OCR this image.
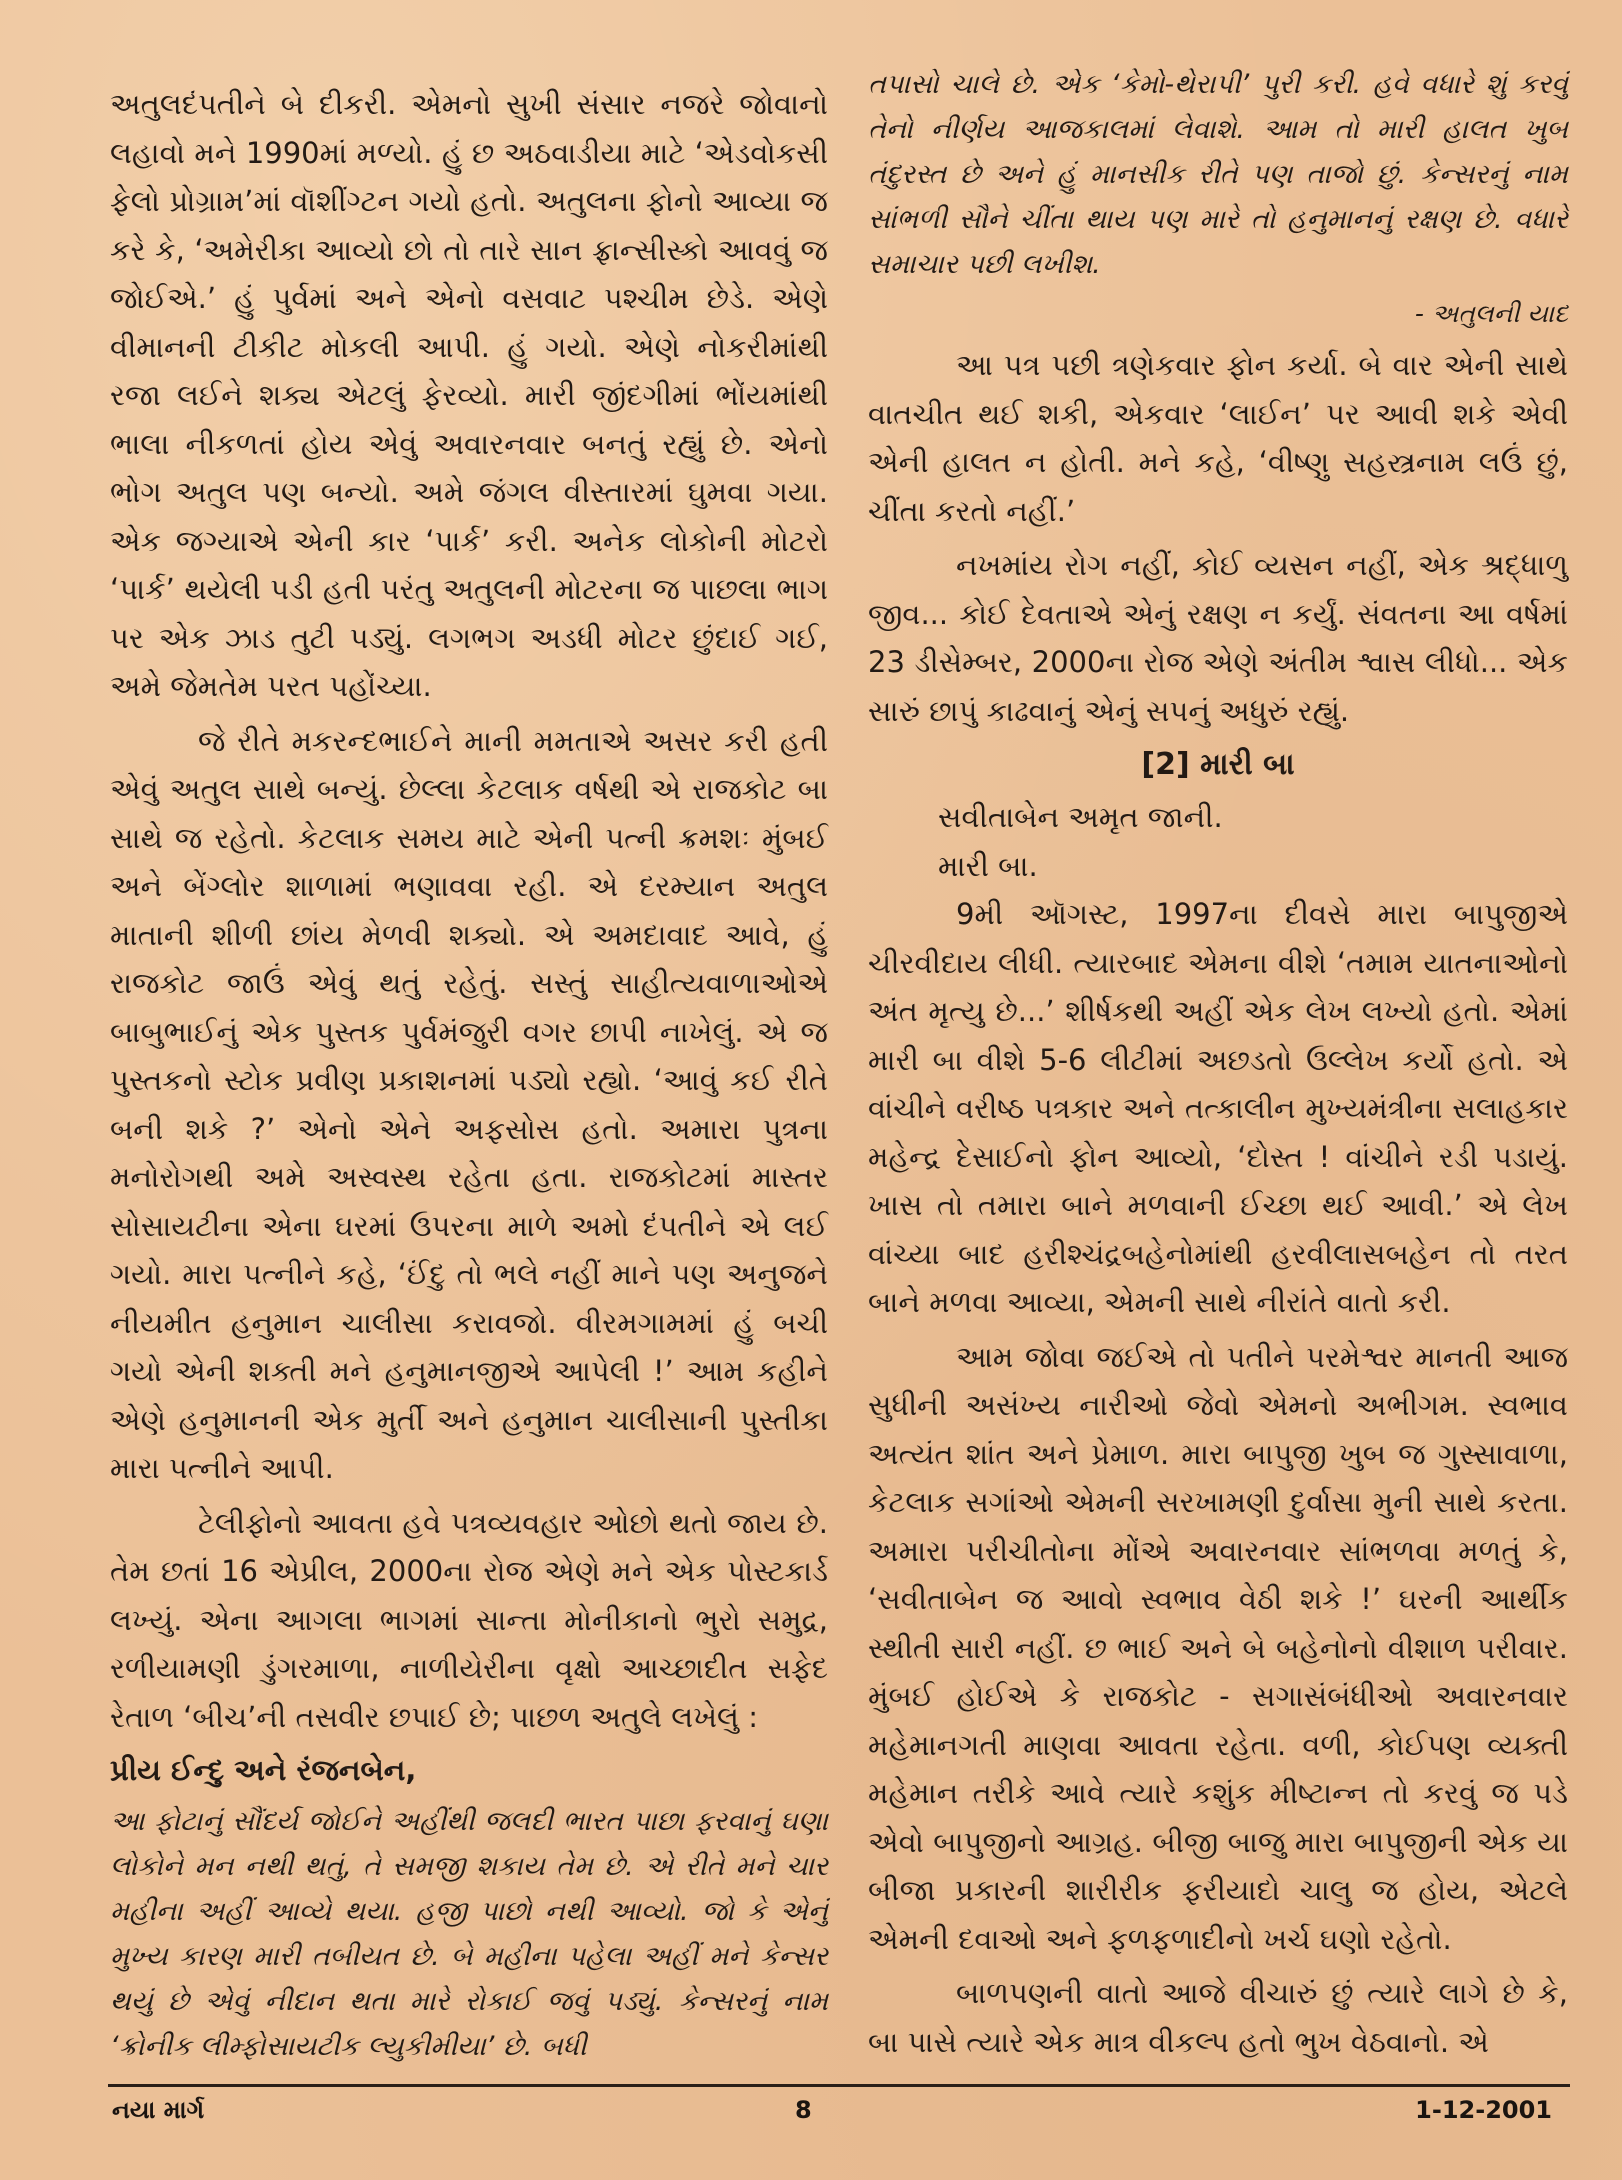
અતુલદંપતીને બે દીકરી. એમનો સુખી સંસાર નજરે જોવાનો લહાવો મને 1990માં મળ્યો. હું છ અઠવાડીયા માટે ‘એડવોકસી ફેલો પ્રોગ્રામ’માં વૉશીંગ્ટન ગયો હતો. અતુલના ફોનો આવ્યા જ કરે કે, ‘અમેરીકા આવ્યો છો તો તારે સાન ફ્રાન્સીસ્કો આવવું જ જોઈએ.’ હું પુર્વમાં અને એનો વસવાટ પશ્ચીમ છેડે. એણે વીમાનની ટીકીટ મોકલી આપી. હું ગયો. એણે નોકરીમાંથી રજા લઈને શક્ય એટલું ફેરવ્યો. મારી જીંદગીમાં ભોંયમાંથી ભાલા નીકળતાં હોય એવું અવારનવાર બનતું રહ્યું છે. એનો ભોગ અતુલ પણ બન્યો. અમે જંગલ વીસ્તારમાં ઘુમવા ગયા. એક જગ્યાએ એની કાર ‘પાર્ક’ કરી. અનેક લોકોની મોટરો ‘પાર્ક’ થયેલી પડી હતી પરંતુ અતુલની મોટરના જ પાછલા ભાગ પર એક ઝાડ તુટી પડ્યું. લગભગ અડધી મોટર છુંદાઈ ગઈ, અમે જેમતેમ પરત પહોંચ્યા.

જે રીતે મકરન્દભાઈને માની મમતાએ અસર કરી હતી એવું અતુલ સાથે બન્યું. છેલ્લા કેટલાક વર્ષથી એ રાજકોટ બા સાથે જ રહેતો. કેટલાક સમય માટે એની પત્ની ક્રમશઃ મુંબઈ અને બેંગ્લોર શાળામાં ભણાવવા રહી. એ દરમ્યાન અતુલ માતાની શીળી છાંય મેળવી શક્યો. એ અમદાવાદ આવે, હું રાજકોટ જાઉં એવું થતું રહેતું. સસ્તું સાહીત્યવાળાઓએ બાબુભાઈનું એક પુસ્તક પુર્વમંજુરી વગર છાપી નાખેલું. એ જ પુસ્તકનો સ્ટોક પ્રવીણ પ્રકાશનમાં પડ્યો રહ્યો. ‘આવું કઈ રીતે બની શકે ?’ એનો એને અફસોસ હતો. અમારા પુત્રના મનોરોગથી અમે અસ્વસ્થ રહેતા હતા. રાજકોટમાં માસ્તર સોસાયટીના એના ઘરમાં ઉપરના માળે અમો દંપતીને એ લઈ ગયો. મારા પત્નીને કહે, ‘ઈંદુ તો ભલે નહીં માને પણ અનુજને નીયમીત હનુમાન ચાલીસા કરાવજો. વીરમગામમાં હું બચી ગયો એની શક્તી મને હનુમાનજીએ આપેલી !’ આમ કહીને એણે હનુમાનની એક મુર્તી અને હનુમાન ચાલીસાની પુસ્તીકા મારા પત્નીને આપી.

ટેલીફોનો આવતા હવે પત્રવ્યવહાર ઓછો થતો જાય છે. તેમ છતાં 16 એપ્રીલ, 2000ના રોજ એણે મને એક પોસ્ટકાર્ડ લખ્યું. એના આગલા ભાગમાં સાન્તા મોનીકાનો ભુરો સમુદ્ર, રળીયામણી ડુંગરમાળા, નાળીયેરીના વૃક્ષો આચ્છાદીત સફેદ રેતાળ ‘બીચ’ની તસવીર છપાઈ છે; પાછળ અતુલે લખેલું :

પ્રીય ઈન્દુ અને રંજનબેન,

આ ફોટાનું સૌંદર્ય જોઈને અહીંથી જલદી ભારત પાછા ફરવાનું ઘણા લોકોને મન નથી થતું, તે સમજી શકાય તેમ છે. એ રીતે મને ચાર મહીના અહીં આવ્યે થયા. હજી પાછો નથી આવ્યો. જો કે એનું મુખ્ય કારણ મારી તબીયત છે. બે મહીના પહેલા અહીં મને કેન્સર થયું છે એવું નીદાન થતા મારે રોકાઈ જવું પડ્યું. કેન્સરનું નામ ‘ક્રોનીક લીમ્ફોસાયટીક લ્યુકીમીયા’ છે. બધી

તપાસો ચાલે છે. એક ‘કેમો-થેરાપી’ પુરી કરી. હવે વધારે શું કરવું તેનો નીર્ણય આજકાલમાં લેવાશે. આમ તો મારી હાલત ખુબ તંદુરસ્ત છે અને હું માનસીક રીતે પણ તાજો છું. કેન્સરનું નામ સાંભળી સૌને ચીંતા થાય પણ મારે તો હનુમાનનું રક્ષણ છે. વધારે સમાચાર પછી લખીશ.

- અતુલની યાદ

આ પત્ર પછી ત્રણેકવાર ફોન કર્યા. બે વાર એની સાથે વાતચીત થઈ શકી, એકવાર ‘લાઈન’ પર આવી શકે એવી એની હાલત ન હોતી. મને કહે, ‘વીષ્ણુ સહસ્ત્રનામ લઉં છું, ચીંતા કરતો નહીં.’

નખમાંય રોગ નહીં, કોઈ વ્યસન નહીં, એક શ્રદ્ધાળુ જીવ... કોઈ દેવતાએ એનું રક્ષણ ન કર્યું. સંવતના આ વર્ષમાં 23 ડીસેમ્બર, 2000ના રોજ એણે અંતીમ શ્વાસ લીધો... એક સારું છાપું કાઢવાનું એનું સપનું અધુરું રહ્યું.

[2] મારી બા

સવીતાબેન અમૃત જાની.

મારી બા.

9મી ઑગસ્ટ, 1997ના દીવસે મારા બાપુજીએ ચીરવીદાય લીધી. ત્યારબાદ એમના વીશે ‘તમામ યાતનાઓનો અંત મૃત્યુ છે...’ શીર્ષકથી અહીં એક લેખ લખ્યો હતો. એમાં મારી બા વીશે 5-6 લીટીમાં અછડતો ઉલ્લેખ કર્યો હતો. એ વાંચીને વરીષ્ઠ પત્રકાર અને તત્કાલીન મુખ્યમંત્રીના સલાહકાર મહેન્દ્ર દેસાઈનો ફોન આવ્યો, ‘દોસ્ત ! વાંચીને રડી પડાયું. ખાસ તો તમારા બાને મળવાની ઈચ્છા થઈ આવી.’ એ લેખ વાંચ્યા બાદ હરીશ્ચંદ્રબહેનોમાંથી હરવીલાસબહેન તો તરત બાને મળવા આવ્યા, એમની સાથે નીરાંતે વાતો કરી.

આમ જોવા જઈએ તો પતીને પરમેશ્વર માનતી આજ સુધીની અસંખ્ય નારીઓ જેવો એમનો અભીગમ. સ્વભાવ અત્યંત શાંત અને પ્રેમાળ. મારા બાપુજી ખુબ જ ગુસ્સાવાળા, કેટલાક સગાંઓ એમની સરખામણી દુર્વાસા મુની સાથે કરતા. અમારા પરીચીતોના મોંએ અવારનવાર સાંભળવા મળતું કે, ‘સવીતાબેન જ આવો સ્વભાવ વેઠી શકે !’ ઘરની આર્થીક સ્થીતી સારી નહીં. છ ભાઈ અને બે બહેનોનો વીશાળ પરીવાર. મુંબઈ હોઈએ કે રાજકોટ - સગાસંબંધીઓ અવારનવાર મહેમાનગતી માણવા આવતા રહેતા. વળી, કોઈપણ વ્યક્તી મહેમાન તરીકે આવે ત્યારે કશુંક મીષ્ટાન્ન તો કરવું જ પડે એવો બાપુજીનો આગ્રહ. બીજી બાજુ મારા બાપુજીની એક યા બીજા પ્રકારની શારીરીક ફરીયાદો ચાલુ જ હોય, એટલે એમની દવાઓ અને ફળફળાદીનો ખર્ચ ઘણો રહેતો.

બાળપણની વાતો આજે વીચારું છું ત્યારે લાગે છે કે, બા પાસે ત્યારે એક માત્ર વીકલ્પ હતો ભુખ વેઠવાનો. એ

નયા માર્ગ	8	1-12-2001
